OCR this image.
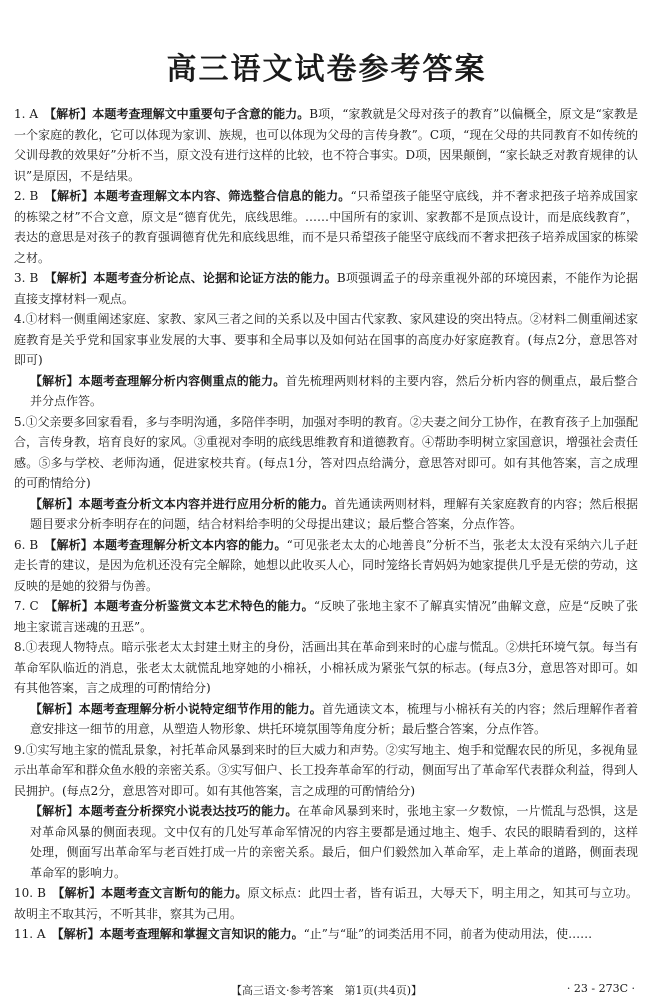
高三语文试卷参考答案

1. A　 【解析】本题考查理解文中重要句子含意的能力。B项，“家教就是父母对孩子的教育”以偏概全，原文是“家教是一个家庭的教化，它可以体现为家训、族规，也可以体现为父母的言传身教”。C项，“现在父母的共同教育不如传统的父训母教的效果好”分析不当，原文没有进行这样的比较，也不符合事实。D项，因果颠倒，“家长缺乏对教育规律的认识”是原因，不是结果。

2. B　 【解析】本题考查理解文本内容、筛选整合信息的能力。“只希望孩子能坚守底线，并不奢求把孩子培养成国家的栋梁之材”不合文意，原文是“德育优先，底线思维。……中国所有的家训、家教都不是顶点设计，而是底线教育”，表达的意思是对孩子的教育强调德育优先和底线思维，而不是只希望孩子能坚守底线而不奢求把孩子培养成国家的栋梁之材。

3. B　 【解析】本题考查分析论点、论据和论证方法的能力。B项强调孟子的母亲重视外部的环境因素，不能作为论据直接支撑材料一观点。

4.①材料一侧重阐述家庭、家教、家风三者之间的关系以及中国古代家教、家风建设的突出特点。②材料二侧重阐述家庭教育是关乎党和国家事业发展的大事、要事和全局事以及如何站在国事的高度办好家庭教育。(每点2分，意思答对即可)

【解析】本题考查理解分析内容侧重点的能力。首先梳理两则材料的主要内容，然后分析内容的侧重点，最后整合并分点作答。

5.①父亲要多回家看看，多与李明沟通，多陪伴李明，加强对李明的教育。②夫妻之间分工协作，在教育孩子上加强配合，言传身教，培育良好的家风。③重视对李明的底线思维教育和道德教育。④帮助李明树立家国意识，增强社会责任感。⑤多与学校、老师沟通，促进家校共育。(每点1分，答对四点给满分，意思答对即可。如有其他答案，言之成理的可酌情给分)

【解析】本题考查分析文本内容并进行应用分析的能力。首先通读两则材料，理解有关家庭教育的内容；然后根据题目要求分析李明存在的问题，结合材料给李明的父母提出建议；最后整合答案，分点作答。

6. B　 【解析】本题考查理解分析文本内容的能力。“可见张老太太的心地善良”分析不当，张老太太没有采纳六儿子赶走长青的建议，是因为危机还没有完全解除，她想以此收买人心，同时笼络长青妈妈为她家提供几乎是无偿的劳动，这反映的是她的狡猾与伪善。

7. C　 【解析】本题考查分析鉴赏文本艺术特色的能力。“反映了张地主家不了解真实情况”曲解文意，应是“反映了张地主家谎言迷魂的丑恶”。

8.①表现人物特点。暗示张老太太封建土财主的身份，活画出其在革命到来时的心虚与慌乱。②烘托环境气氛。每当有革命军队临近的消息，张老太太就慌乱地穿她的小棉袄，小棉袄成为紧张气氛的标志。(每点3分，意思答对即可。如有其他答案，言之成理的可酌情给分)

【解析】本题考查理解分析小说特定细节作用的能力。首先通读文本，梳理与小棉袄有关的内容；然后理解作者着意安排这一细节的用意，从塑造人物形象、烘托环境氛围等角度分析；最后整合答案，分点作答。

9.①实写地主家的慌乱景象，衬托革命风暴到来时的巨大威力和声势。②实写地主、炮手和觉醒农民的所见，多视角显示出革命军和群众鱼水般的亲密关系。③实写佃户、长工投奔革命军的行动，侧面写出了革命军代表群众利益，得到人民拥护。(每点2分，意思答对即可。如有其他答案，言之成理的可酌情给分)

【解析】本题考查分析探究小说表达技巧的能力。在革命风暴到来时，张地主家一夕数惊，一片慌乱与恐惧，这是对革命风暴的侧面表现。文中仅有的几处写革命军情况的内容主要都是通过地主、炮手、农民的眼睛看到的，这样处理，侧面写出革命军与老百姓打成一片的亲密关系。最后，佃户们毅然加入革命军，走上革命的道路，侧面表现革命军的影响力。

10. B　 【解析】本题考查文言断句的能力。原文标点：此四士者，皆有诟丑，大辱天下，明主用之，知其可与立功。故明主不取其污，不听其非，察其为己用。

11. A　 【解析】本题考查理解和掌握文言知识的能力。“止”与“耻”的词类活用不同，前者为使动用法，使……

【高三语文·参考答案　第1页(共4页)】	· 23 - 273C ·
